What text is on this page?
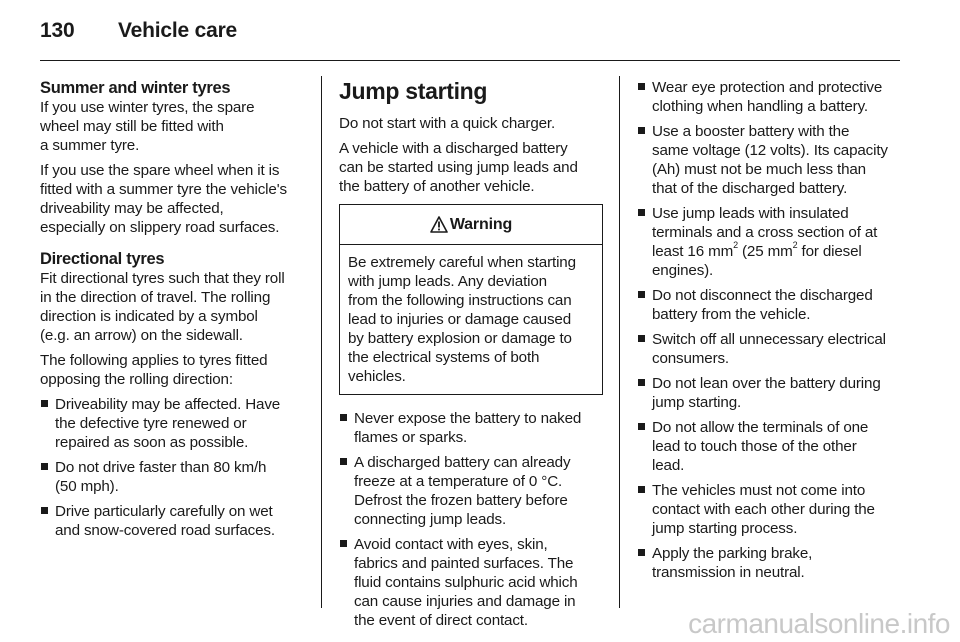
130	Vehicle care
Summer and winter tyres

If you use winter tyres, the spare
wheel may still be fitted with
a summer tyre.

If you use the spare wheel when it is
fitted with a summer tyre the vehicle's
driveability may be affected,
especially on slippery road surfaces.

Directional tyres

Fit directional tyres such that they roll
in the direction of travel. The rolling
direction is indicated by a symbol
(e.g. an arrow) on the sidewall.

The following applies to tyres fitted
opposing the rolling direction:

Driveability may be affected. Have
the defective tyre renewed or
repaired as soon as possible.
Do not drive faster than 80 km/h
(50 mph).
Drive particularly carefully on wet
and snow-covered road surfaces.
Jump starting

Do not start with a quick charger.

A vehicle with a discharged battery
can be started using jump leads and
the battery of another vehicle.

Warning
Be extremely careful when starting
with jump leads. Any deviation
from the following instructions can
lead to injuries or damage caused
by battery explosion or damage to
the electrical systems of both
vehicles.
Never expose the battery to naked
flames or sparks.
A discharged battery can already
freeze at a temperature of 0 °C.
Defrost the frozen battery before
connecting jump leads.
Avoid contact with eyes, skin,
fabrics and painted surfaces. The
fluid contains sulphuric acid which
can cause injuries and damage in
the event of direct contact.
Wear eye protection and protective
clothing when handling a battery.
Use a booster battery with the
same voltage (12 volts). Its capacity
(Ah) must not be much less than
that of the discharged battery.
Use jump leads with insulated
terminals and a cross section of at
least 16 $mm^2$ (25 $mm^2$ for diesel
engines).
Do not disconnect the discharged
battery from the vehicle.
Switch off all unnecessary electrical
consumers.
Do not lean over the battery during
jump starting.
Do not allow the terminals of one
lead to touch those of the other
lead.
The vehicles must not come into
contact with each other during the
jump starting process.
Apply the parking brake,
transmission in neutral.
carmanualsonline.info
